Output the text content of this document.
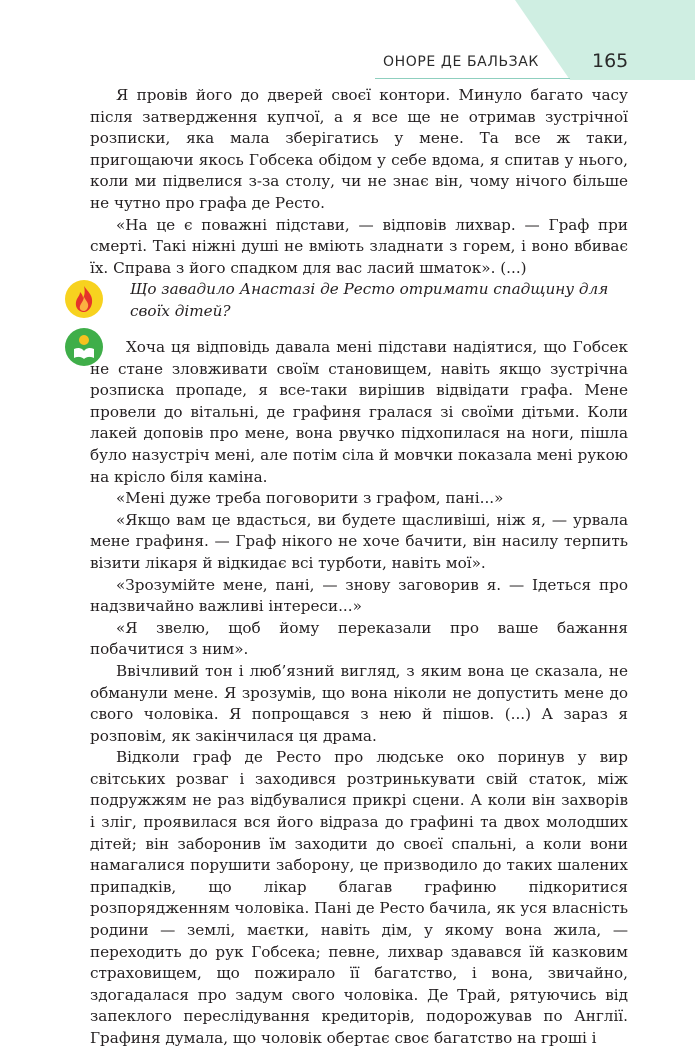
ОНОРЕ ДЕ БАЛЬЗАК	165

Я провів його до дверей своєї контори. Минуло багато часу після затвердження купчої, а я все ще не отримав зустрічної розписки, яка мала зберігатись у мене. Та все ж таки, пригощаючи якось Гобсека обідом у себе вдома, я спитав у нього, коли ми підвелися з-за столу, чи не знає він, чому нічого більше не чутно про графа де Ресто.

«На це є поважні підстави, — відповів лихвар. — Граф при смерті. Такі ніжні душі не вміють зладнати з горем, і воно вбиває їх. Справа з його спадком для вас ласий шматок». (...)

Що завадило Анастазі де Ресто отримати спадщину для своїх дітей?

Хоча ця відповідь давала мені підстави надіятися, що Гобсек не стане зловживати своїм становищем, навіть якщо зустрічна розписка пропаде, я все-таки вирішив відвідати графа. Мене провели до вітальні, де графиня гралася зі своїми дітьми. Коли лакей доповів про мене, вона рвучко підхопилася на ноги, пішла було назустріч мені, але потім сіла й мовчки показала мені рукою на крісло біля каміна.

«Мені дуже треба поговорити з графом, пані...»

«Якщо вам це вдасться, ви будете щасливіші, ніж я, — урвала мене графиня. — Граф нікого не хоче бачити, він насилу терпить візити лікаря й відкидає всі турботи, навіть мої».

«Зрозумійте мене, пані, — знову заговорив я. — Ідеться про надзвичайно важливі інтереси...»

«Я звелю, щоб йому переказали про ваше бажання побачитися з ним».

Ввічливий тон і люб’язний вигляд, з яким вона це сказала, не обманули мене. Я зрозумів, що вона ніколи не допустить мене до свого чоловіка. Я попрощався з нею й пішов. (...) А зараз я розповім, як закінчилася ця драма.

Відколи граф де Ресто про людське око поринув у вир світських розваг і заходився розтринькувати свій статок, між подружжям не раз відбувалися прикрі сцени. А коли він захворів і зліг, проявилася вся його відраза до графині та двох молодших дітей; він заборонив їм заходити до своєї спальні, а коли вони намагалися порушити заборону, це призводило до таких шалених припадків, що лікар благав графиню підкоритися розпорядженням чоловіка. Пані де Ресто бачила, як уся власність родини — землі, маєтки, навіть дім, у якому вона жила, — переходить до рук Гобсека; певне, лихвар здавався їй казковим страховищем, що пожирало її багатство, і вона, звичайно, здогадалася про задум свого чоловіка. Де Трай, рятуючись від запеклого переслідування кредиторів, подорожував по Англії. Графиня думала, що чоловік обертає своє багатство на гроші і
